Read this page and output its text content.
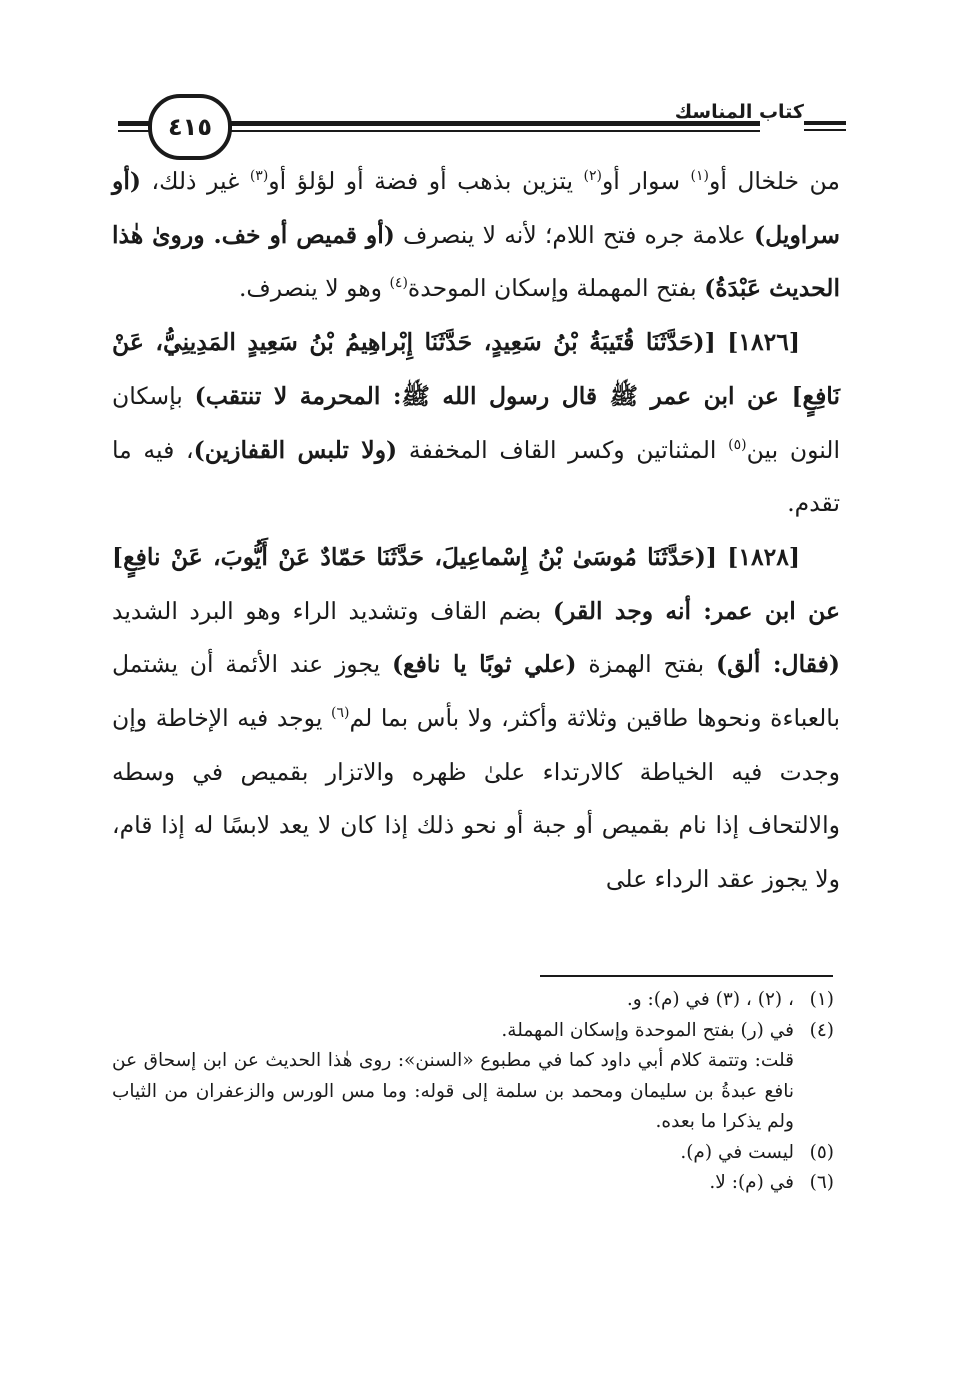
كتاب المناسك
٤١٥

من خلخال أو$^{(١)}$ سوار أو$^{(٢)}$ يتزين بذهب أو فضة أو لؤلؤ أو$^{(٣)}$ غير ذلك، (أو سراويل) علامة جره فتح اللام؛ لأنه لا ينصرف (أو قميص أو خف. وروىٰ هٰذا الحديث عَبْدَةُ) بفتح المهملة وإسكان الموحدة$^{(٤)}$ وهو لا ينصرف.

[١٨٢٦] [(حَدَّثَنَا قُتَيبَةُ بْنُ سَعِيدٍ، حَدَّثَنَا إِبْراهِيمُ بْنُ سَعِيدٍ المَدِينِيُّ، عَنْ نَافِعٍ] عن ابن عمر ﷺ قال رسول الله ﷺ: المحرمة لا تنتقب) بإسكان النون بين$^{(٥)}$ المثناتين وكسر القاف المخففة (ولا تلبس القفازين)، فيه ما تقدم.

[١٨٢٨] [(حَدَّثَنَا مُوسَىٰ بْنُ إِسْماعِيلَ، حَدَّثَنَا حَمّادٌ عَنْ أَيُّوبَ، عَنْ نافِعٍ] عن ابن عمر: أنه وجد القر) بضم القاف وتشديد الراء وهو البرد الشديد (فقال: ألق) بفتح الهمزة (علي ثوبًا يا نافع) يجوز عند الأئمة أن يشتمل بالعباءة ونحوها طاقين وثلاثة وأكثر، ولا بأس بما لم$^{(٦)}$ يوجد فيه الإخاطة وإن وجدت فيه الخياطة كالارتداء علىٰ ظهره والاتزار بقميص في وسطه والالتحاف إذا نام بقميص أو جبة أو نحو ذلك إذا كان لا يعد لابسًا له إذا قام، ولا يجوز عقد الرداء على

(١)
، (٢) ، (٣) في (م): و.
(٤)
في (ر) بفتح الموحدة وإسكان المهملة.
قلت: وتتمة كلام أبي داود كما في مطبوع «السنن»: روى هٰذا الحديث عن ابن إسحاق عن نافع عبدةُ بن سليمان ومحمد بن سلمة إلى قوله: وما مس الورس والزعفران من الثياب ولم يذكرا ما بعده.
(٥)
ليست في (م).
(٦)
في (م): لا.
